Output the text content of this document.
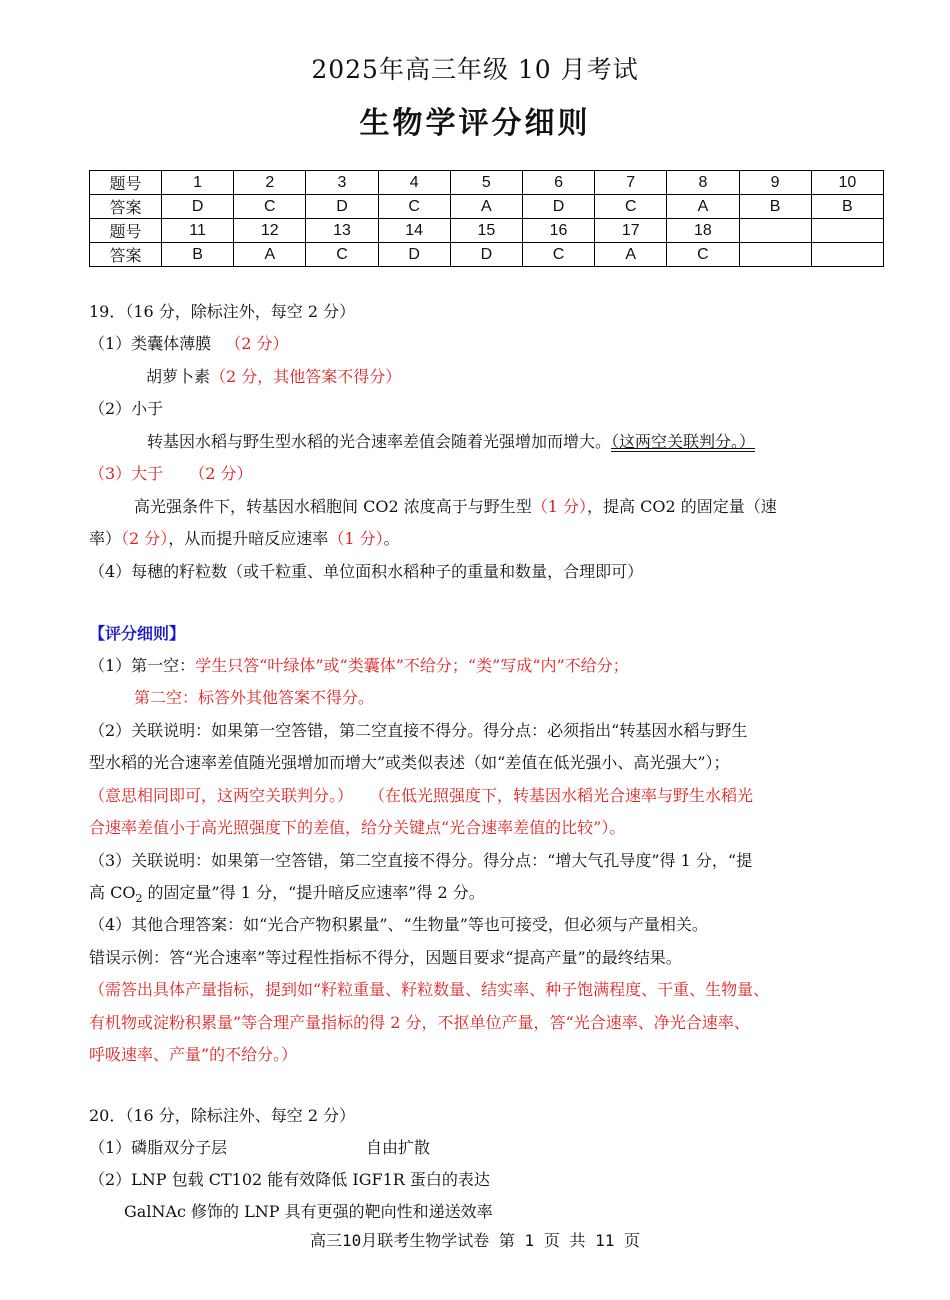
2025年高三年级 10 月考试
生物学评分细则
题号	1	2	3	4	5	6	7	8	9	10
答案	D	C	D	C	A	D	C	A	B	B
题号	11	12	13	14	15	16	17	18		
答案	B	A	C	D	D	C	A	C		
19．（16 分，除标注外，每空 2 分）
（1）类囊体薄膜 （2 分）
胡萝卜素（2 分，其他答案不得分）
（2）小于
转基因水稻与野生型水稻的光合速率差值会随着光强增加而增大。（这两空关联判分。）
（3）大于 （2 分）
高光强条件下，转基因水稻胞间 CO2 浓度高于与野生型（1 分），提高 CO2 的固定量（速
率）（2 分），从而提升暗反应速率（1 分）。
（4）每穗的籽粒数（或千粒重、单位面积水稻种子的重量和数量，合理即可）
【评分细则】
（1）第一空：学生只答“叶绿体”或“类囊体”不给分；“类”写成“内”不给分；
第二空：标答外其他答案不得分。
（2）关联说明：如果第一空答错，第二空直接不得分。得分点：必须指出“转基因水稻与野生
型水稻的光合速率差值随光强增加而增大”或类似表述（如“差值在低光强小、高光强大”）；
（意思相同即可，这两空关联判分。） （在低光照强度下，转基因水稻光合速率与野生水稻光
合速率差值小于高光照强度下的差值，给分关键点“光合速率差值的比较”）。
（3）关联说明：如果第一空答错，第二空直接不得分。得分点：“增大气孔导度”得 1 分，“提
高 $CO_2$ 的固定量”得 1 分，“提升暗反应速率”得 2 分。
（4）其他合理答案：如“光合产物积累量”、“生物量”等也可接受，但必须与产量相关。
错误示例：答“光合速率”等过程性指标不得分，因题目要求“提高产量”的最终结果。
（需答出具体产量指标，提到如“籽粒重量、籽粒数量、结实率、种子饱满程度、干重、生物量、
有机物或淀粉积累量”等合理产量指标的得 2 分，不抠单位产量，答“光合速率、净光合速率、
呼吸速率、产量”的不给分。）
20．（16 分，除标注外、每空 2 分）
（1）磷脂双分子层	自由扩散
（2）LNP 包载 CT102 能有效降低 IGF1R 蛋白的表达
GalNAc 修饰的 LNP 具有更强的靶向性和递送效率
高三10月联考生物学试卷 第 1 页 共 11 页
